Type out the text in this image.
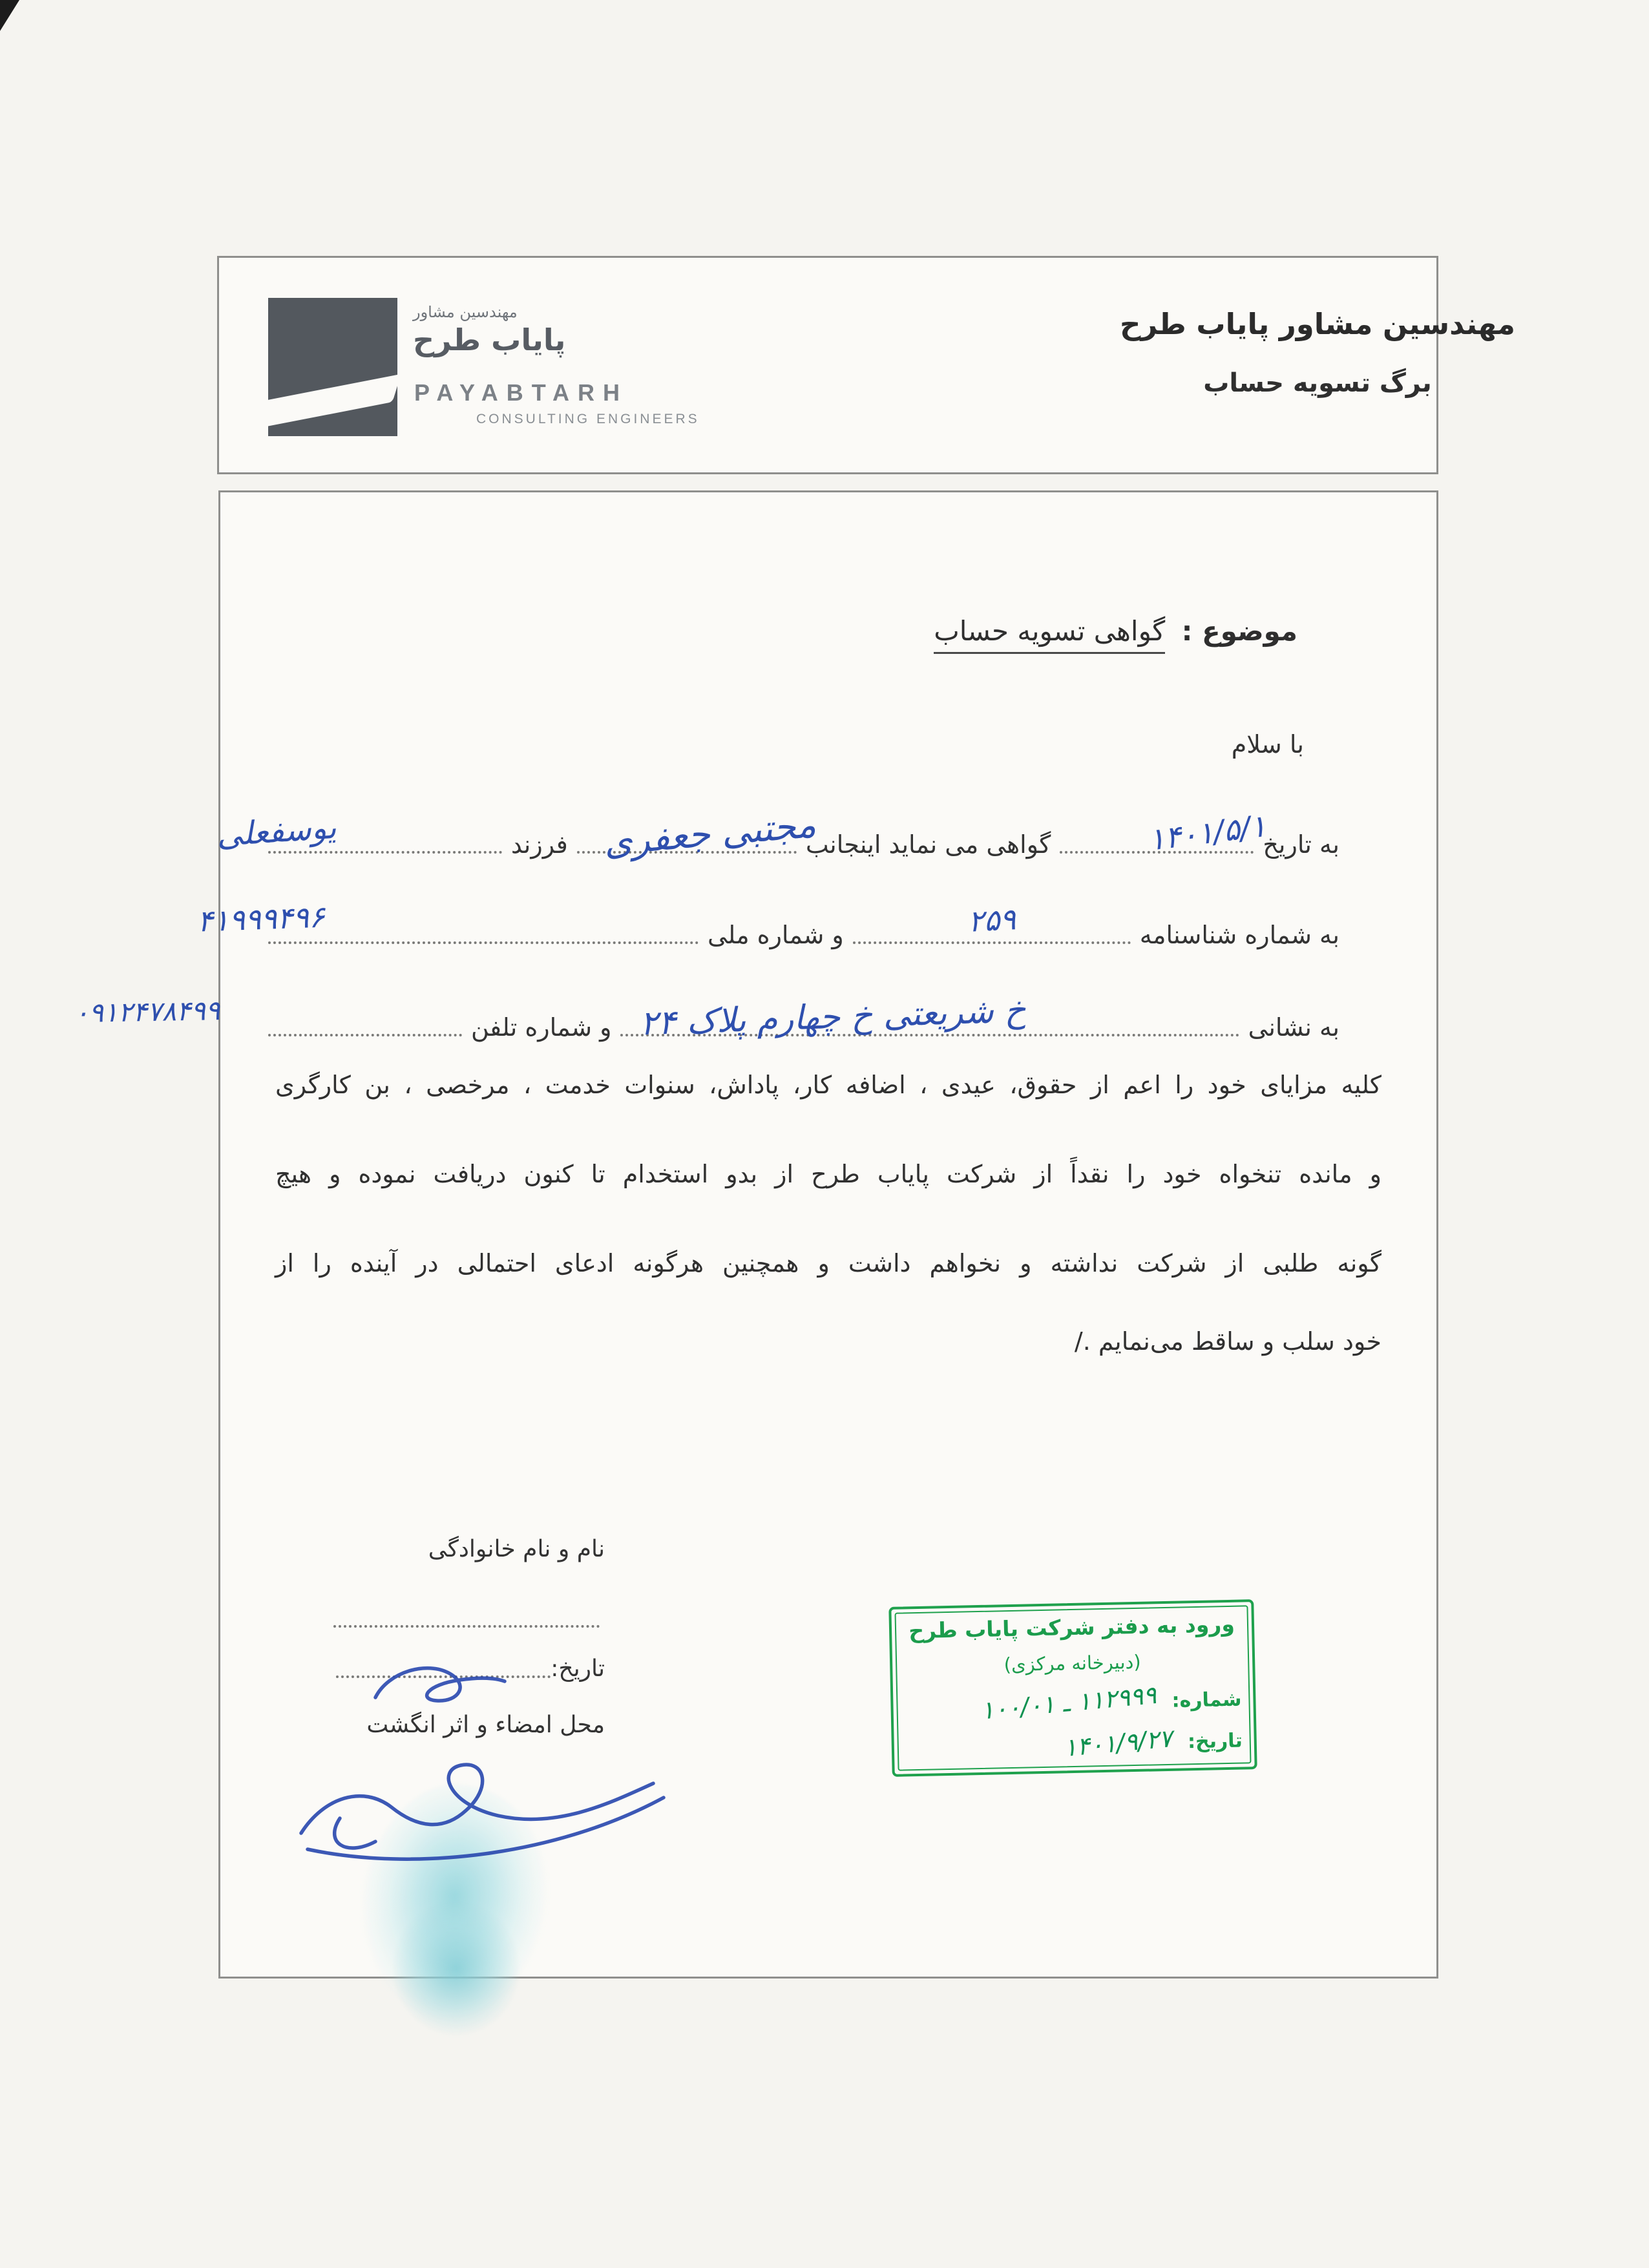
مهندسین مشاور
پایاب طرح
PAYABTARH
CONSULTING ENGINEERS
مهندسین مشاور پایاب طرح
برگ تسویه حساب
موضوع : گواهی تسویه حساب
با سلام
به تاریخ
۱۴۰۱/۵/۱
گواهی می نماید اینجانب
مجتبی جعفری
فرزند
یوسفعلی
به شماره شناسنامه
۲۵۹
و شماره ملی
۴۱۹۹۹۴۹۶
به نشانی
خ شریعتی خ چهارم پلاک ۲۴
و شماره تلفن
۰۹۱۲۴۷۸۴۹۹
کلیه مزایای خود را اعم از حقوق، عیدی ، اضافه کار، پاداش، سنوات خدمت ، مرخصی ، بن کارگری
و مانده تنخواه خود را نقداً از شرکت پایاب طرح از بدو استخدام تا کنون دریافت نموده و هیچ
گونه طلبی از شرکت نداشته و نخواهم داشت و همچنین هرگونه ادعای احتمالی در آینده را از
خود سلب و ساقط می‌نمایم ./
نام و نام خانوادگی
تاریخ:
محل امضاء و اثر انگشت
ورود به دفتر شرکت پایاب طرح
(دبیرخانه مرکزی)
شماره:
۱۱۲۹۹۹ ـ ۱۰۰/۰۱
تاریخ:
۱۴۰۱/۹/۲۷
